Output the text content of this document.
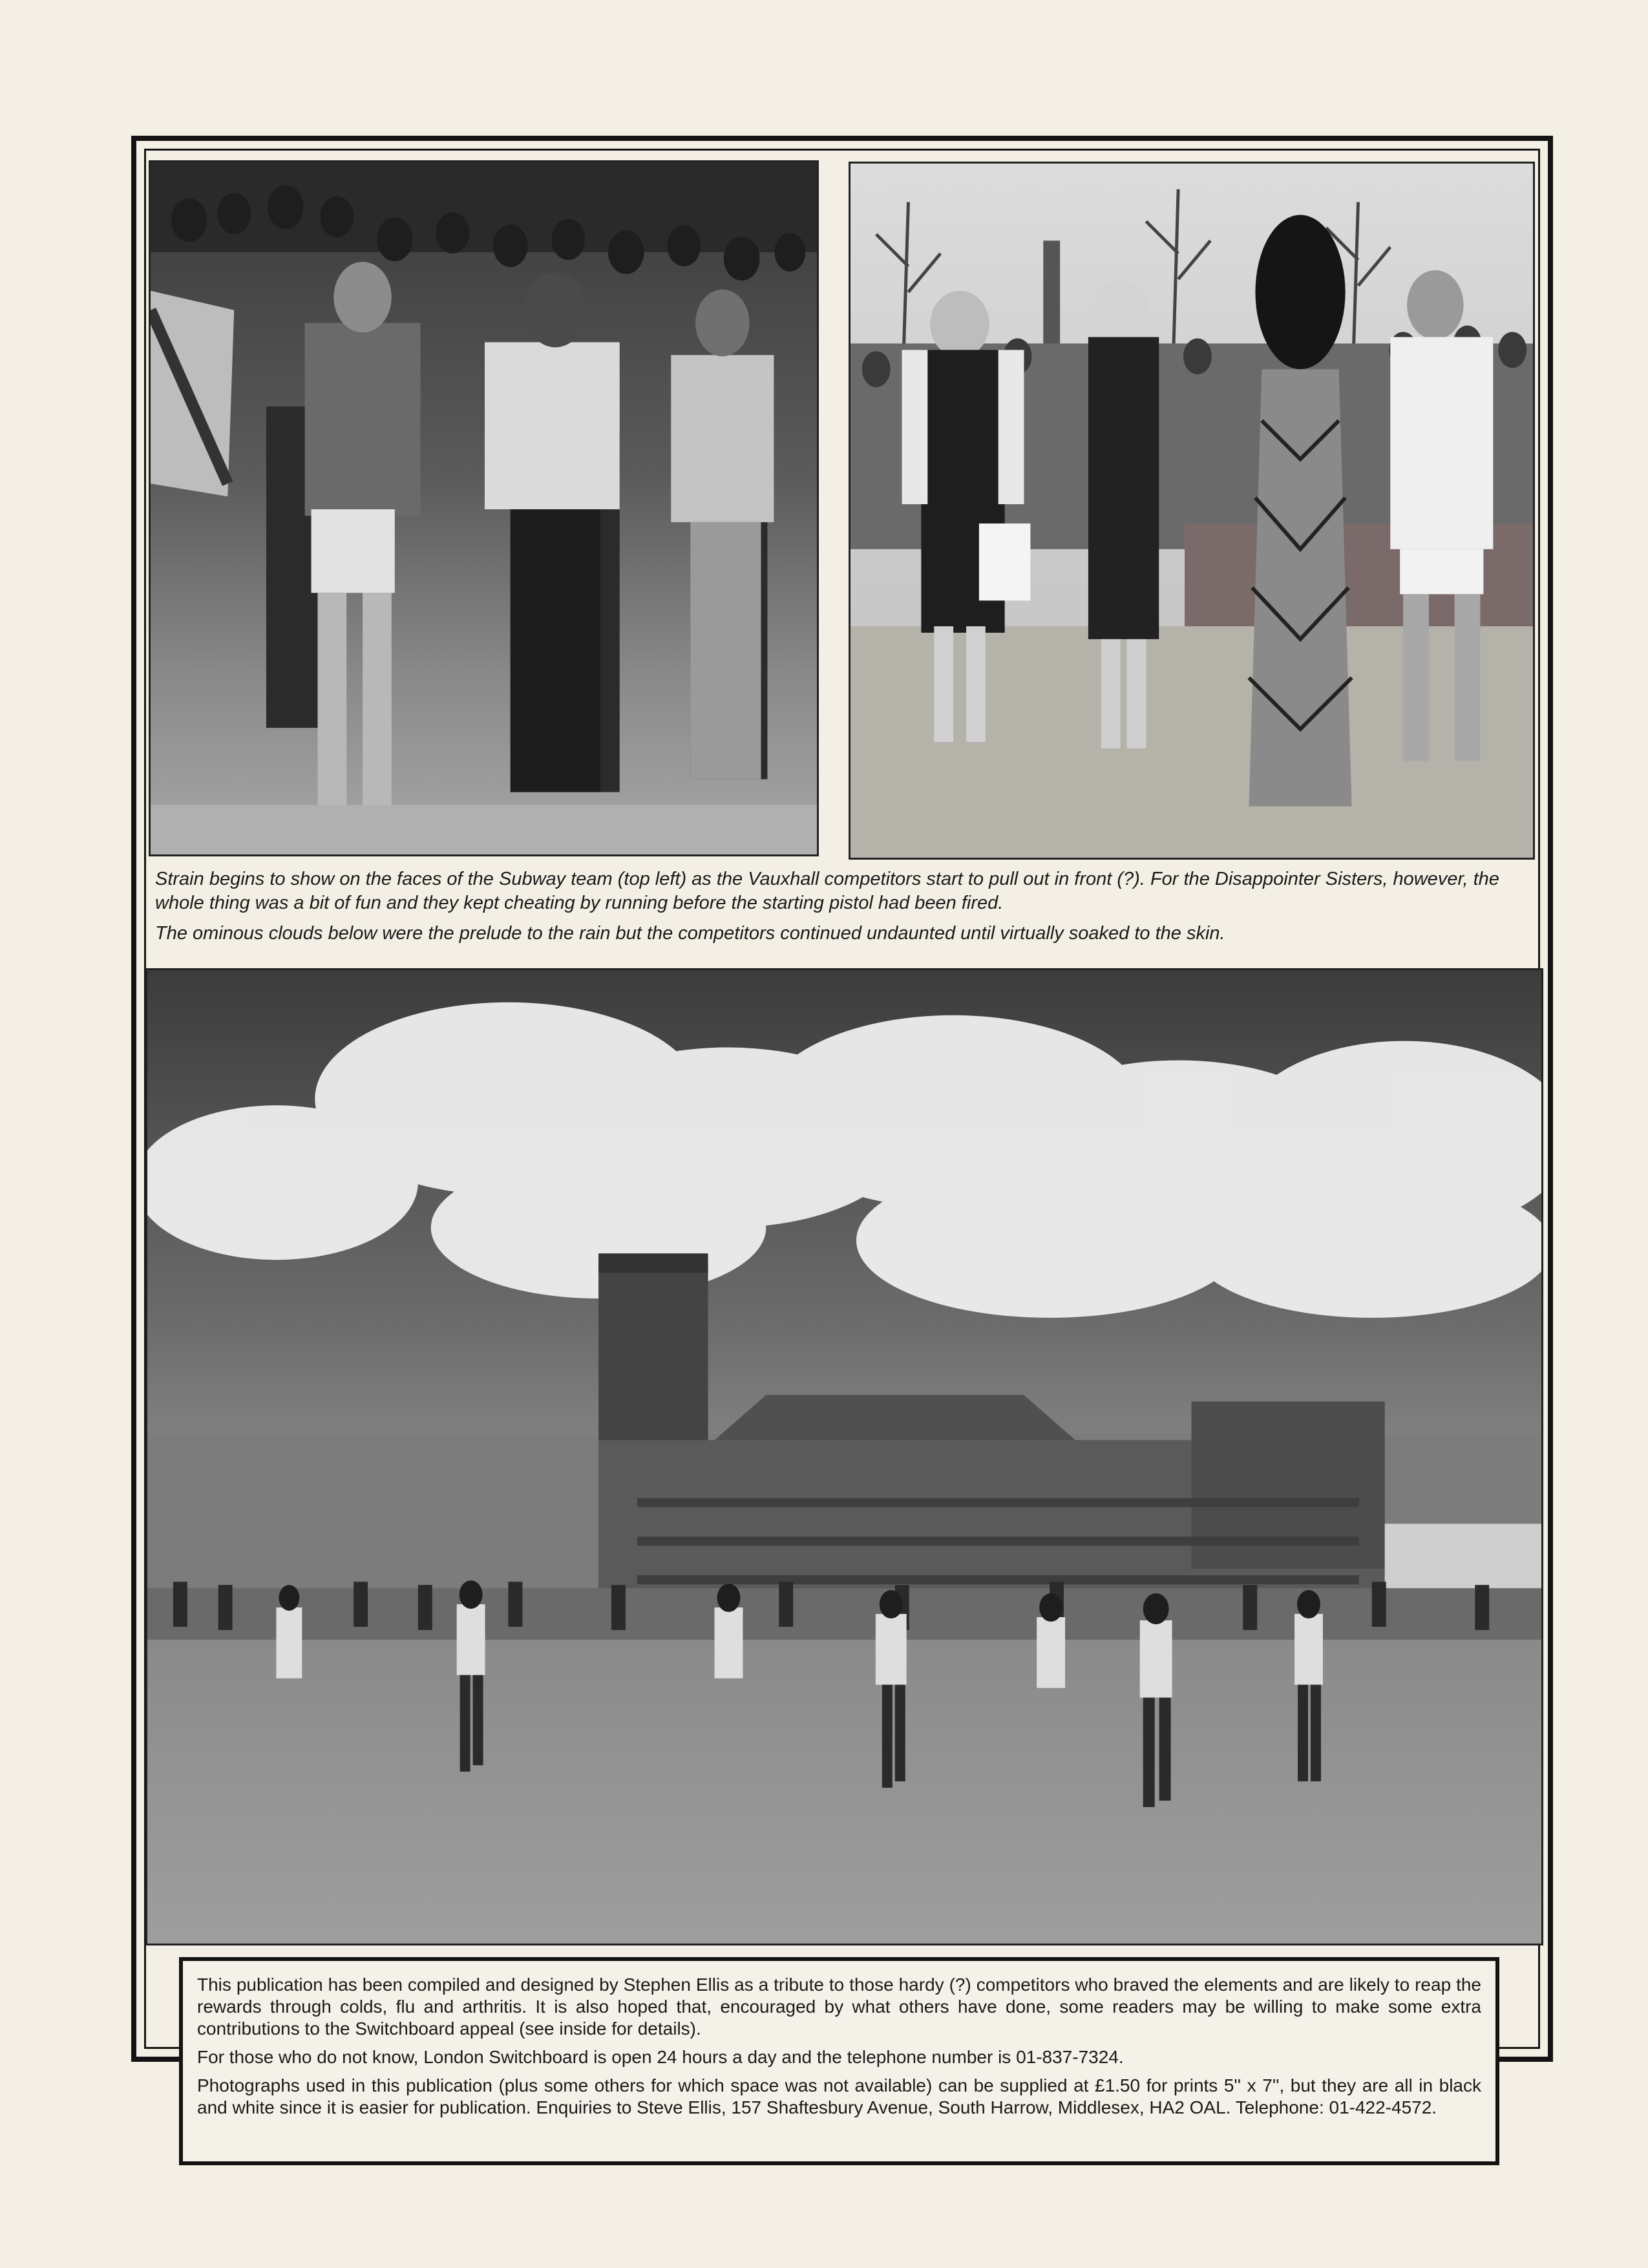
Strain begins to show on the faces of the Subway team (top left) as the Vauxhall competitors start to pull out in front (?). For the Disappointer Sisters, however, the whole thing was a bit of fun and they kept cheating by running before the starting pistol had been fired.

The ominous clouds below were the prelude to the rain but the competitors continued undaunted until virtually soaked to the skin.

This publication has been compiled and designed by Stephen Ellis as a tribute to those hardy (?) competitors who braved the elements and are likely to reap the rewards through colds, flu and arthritis. It is also hoped that, encouraged by what others have done, some readers may be willing to make some extra contributions to the Switchboard appeal (see inside for details).

For those who do not know, London Switchboard is open 24 hours a day and the telephone number is 01-837-7324.

Photographs used in this publication (plus some others for which space was not available) can be supplied at £1.50 for prints 5'' x 7'', but they are all in black and white since it is easier for publication. Enquiries to Steve Ellis, 157 Shaftesbury Avenue, South Harrow, Middlesex, HA2 OAL. Telephone: 01-422-4572.
